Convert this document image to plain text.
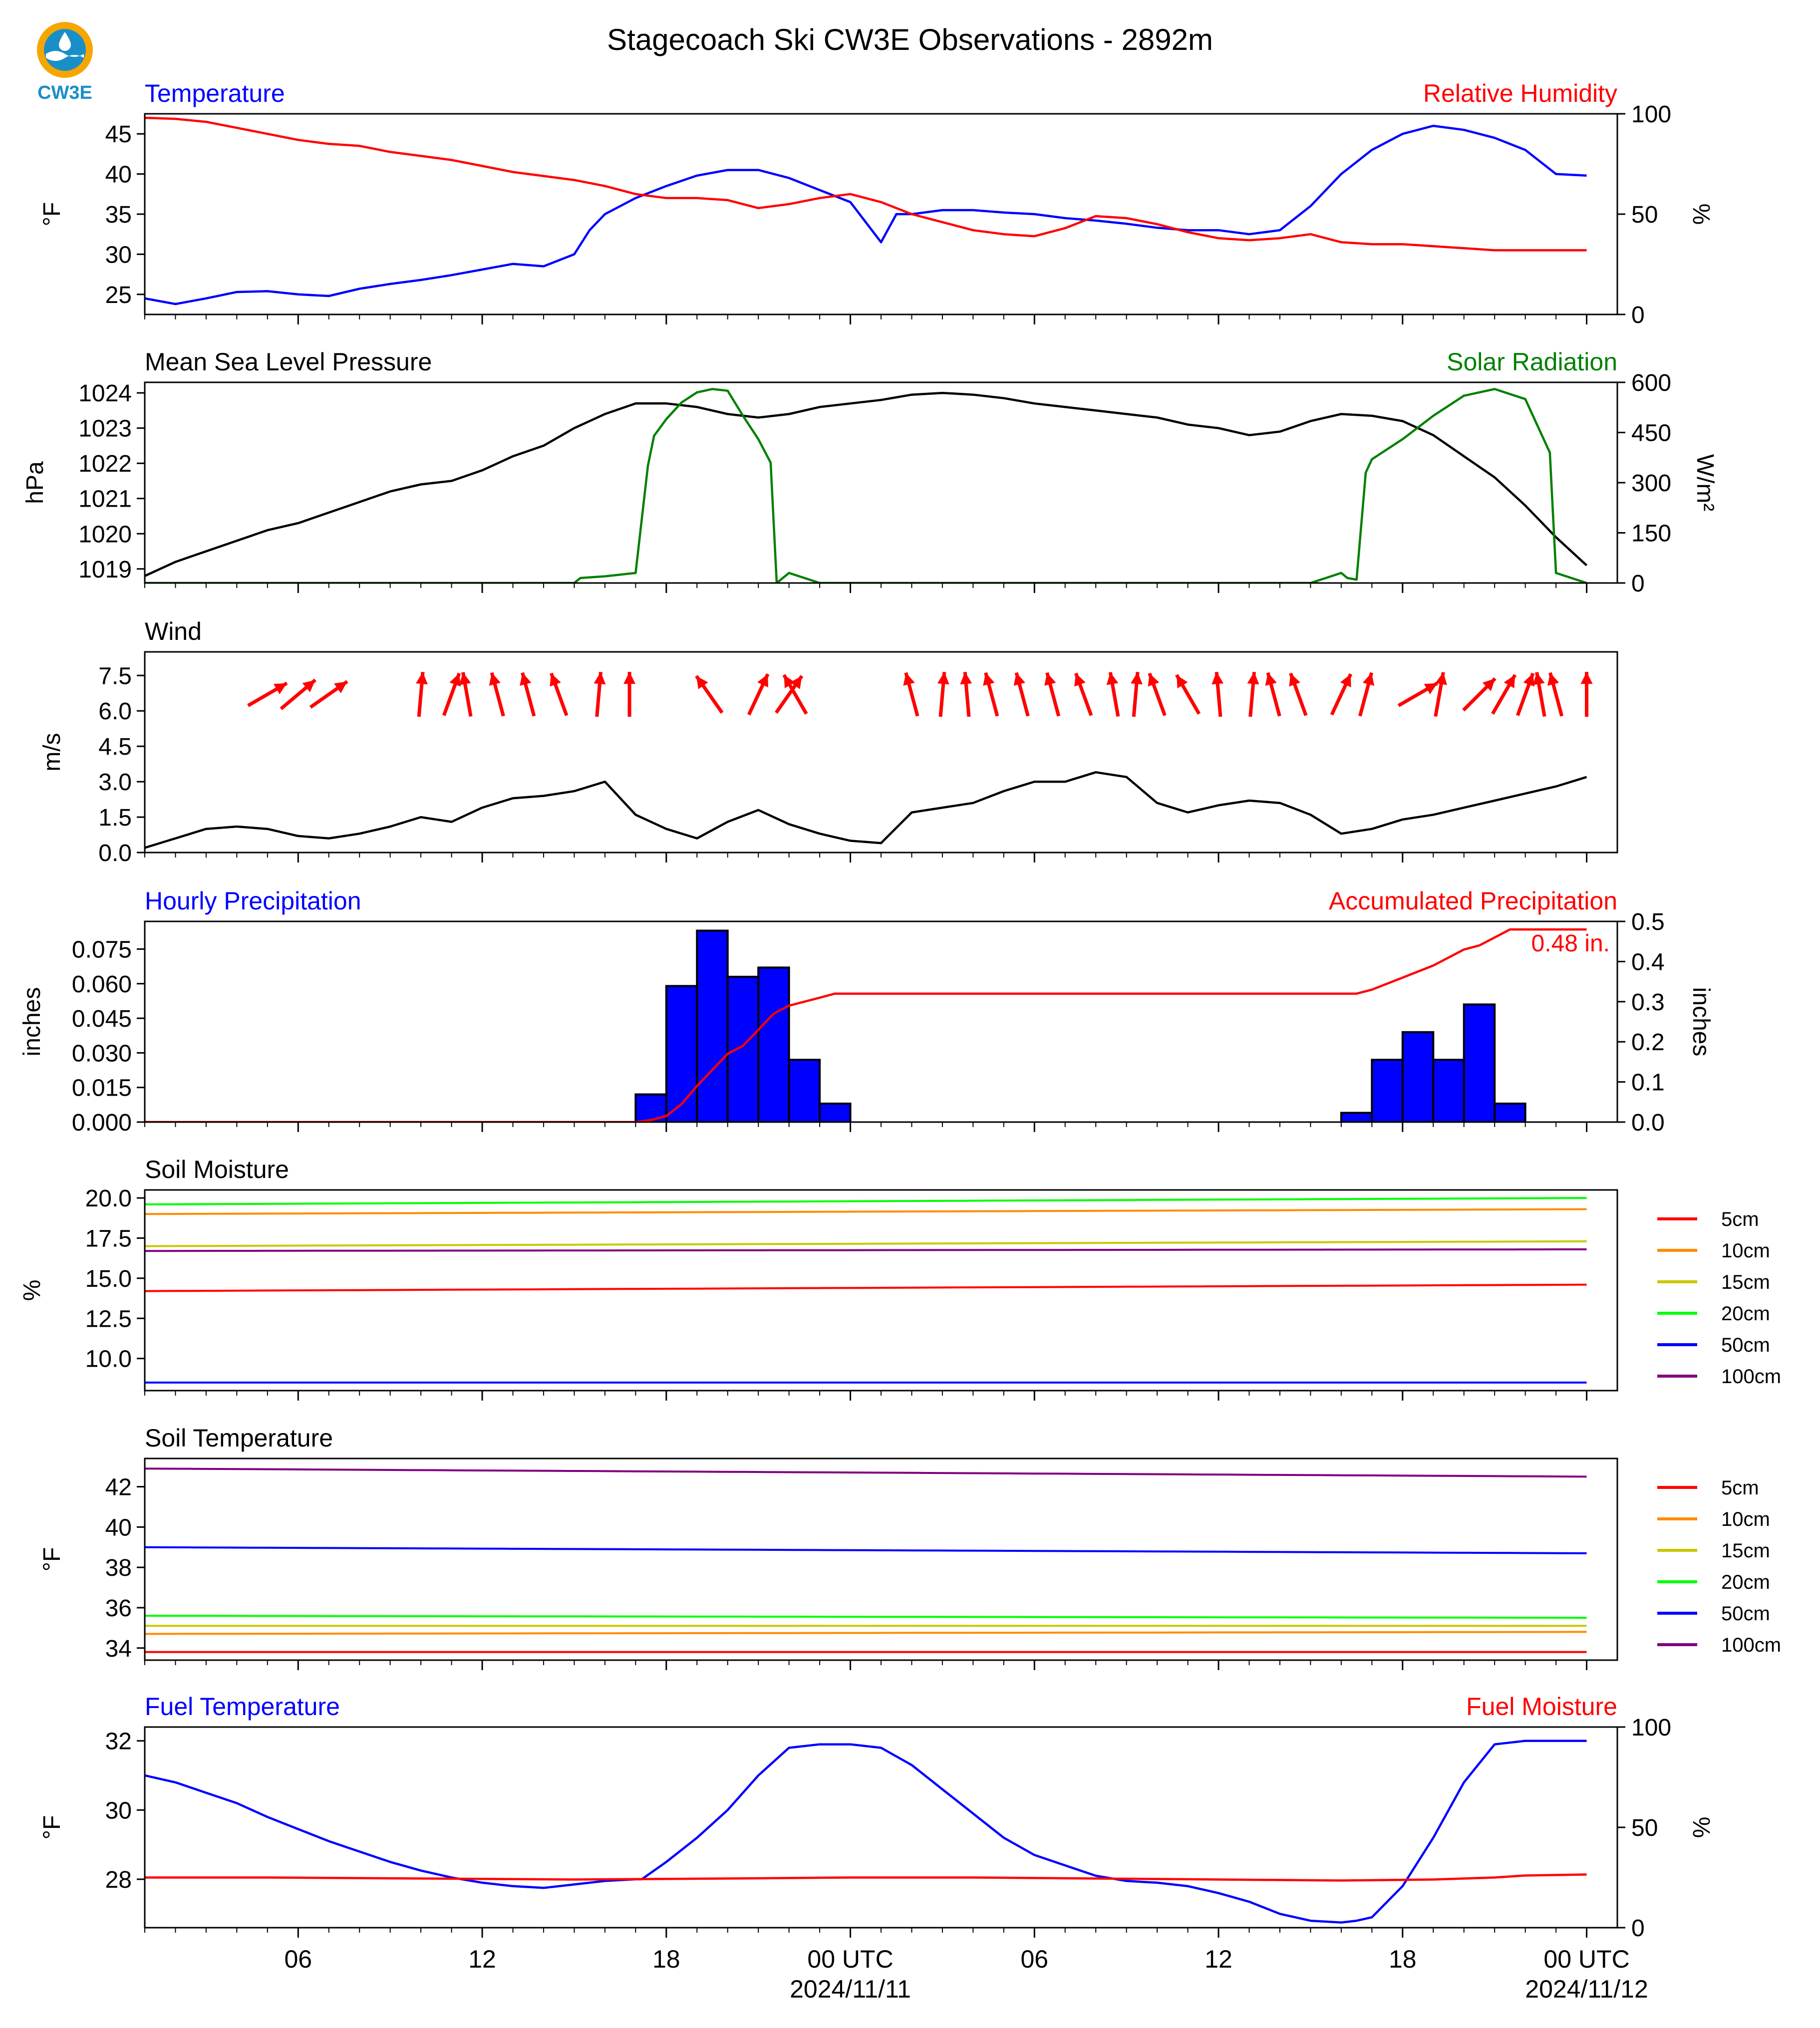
CW3E
Stagecoach Ski CW3E Observations - 2892m
Temperature	Relative Humidity
25
30
35
40
45
°F
0
50
100
%
Mean Sea Level Pressure	Solar Radiation
1019
1020
1021
1022
1023
1024
hPa
0
150
300
450
600
W/m²
Wind
0.0
1.5
3.0
4.5
6.0
7.5
m/s
Hourly Precipitation	Accumulated Precipitation
0.000
0.015
0.030
0.045
0.060
0.075
inches
0.0
0.1
0.2
0.3
0.4
0.5
inches
0.48 in.
Soil Moisture
10.0
12.5
15.0
17.5
20.0
%
5cm
10cm
15cm
20cm
50cm
100cm
Soil Temperature
34
36
38
40
42
°F
5cm
10cm
15cm
20cm
50cm
100cm
Fuel Temperature	Fuel Moisture
28
30
32
°F
0
50
100
%
06	12	18	00 UTC	06	12	18	00 UTC
2024/11/11	2024/11/12
